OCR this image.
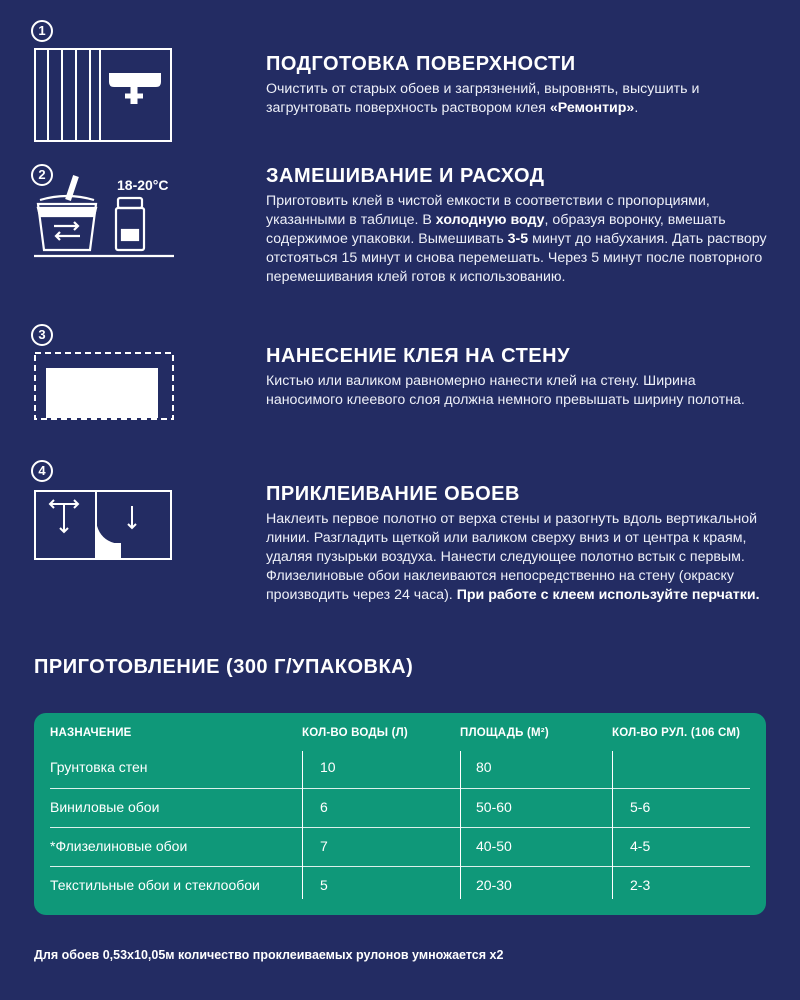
1
ПОДГОТОВКА ПОВЕРХНОСТИ
Очистить от старых обоев и загрязнений, выровнять, высушить и загрунтовать поверхность раствором клея «Ремонтир».
2
18-20°C	ЗАМЕШИВАНИЕ И РАСХОД
Приготовить клей в чистой емкости в соответствии с пропорциями, указанными в таблице. В холодную воду, образуя воронку, вмешать содержимое упаковки. Вымешивать 3-5 минут до набухания. Дать раствору отстояться 15 минут и снова перемешать. Через 5 минут после повторного перемешивания клей готов к использованию.
3
НАНЕСЕНИЕ КЛЕЯ НА СТЕНУ
Кистью или валиком равномерно нанести клей на стену. Ширина наносимого клеевого слоя должна немного превышать ширину полотна.
4
ПРИКЛЕИВАНИЕ ОБОЕВ
Наклеить первое полотно от верха стены и разогнуть вдоль вертикальной линии. Разгладить щеткой или валиком сверху вниз и от центра к краям, удаляя пузырьки воздуха. Нанести следующее полотно встык с первым. Флизелиновые обои наклеиваются непосредственно на стену (окраску производить через 24 часа). При работе с клеем используйте перчатки.
ПРИГОТОВЛЕНИЕ (300 Г/УПАКОВКА)
НАЗНАЧЕНИЕ	КОЛ-ВО ВОДЫ (Л)	ПЛОЩАДЬ (М²)	КОЛ-ВО РУЛ. (106 СМ)
Грунтовка стен	10	80
Виниловые обои	6	50-60	5-6
*Флизелиновые обои	7	40-50	4-5
Текстильные обои и стеклообои	5	20-30	2-3
Для обоев 0,53х10,05м количество проклеиваемых рулонов умножается х2
